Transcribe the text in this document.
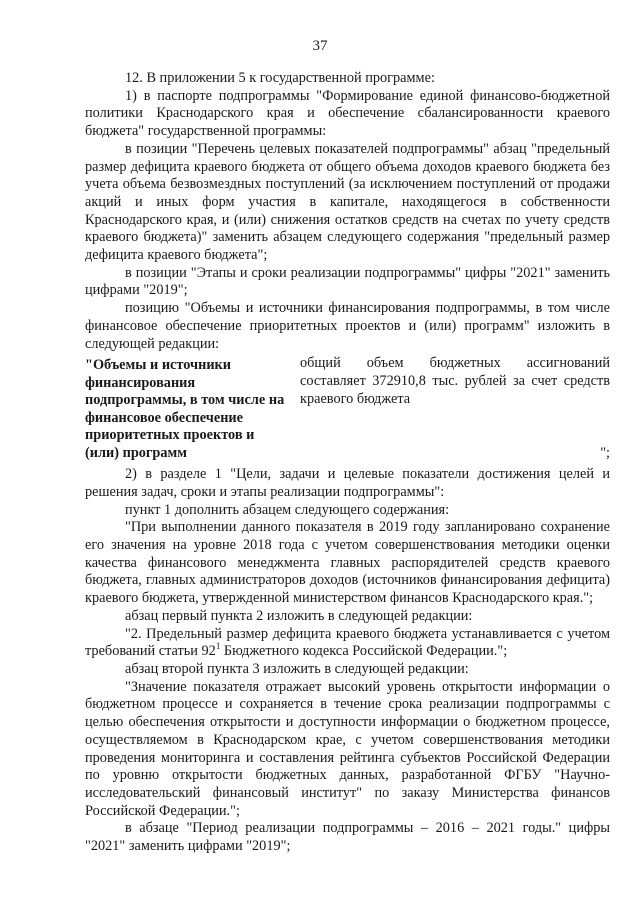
37

12. В приложении 5 к государственной программе:

1) в паспорте подпрограммы "Формирование единой финансово-бюджетной политики Краснодарского края и обеспечение сбалансированности краевого бюджета" государственной программы:

в позиции "Перечень целевых показателей подпрограммы" абзац "предельный размер дефицита краевого бюджета от общего объема доходов краевого бюджета без учета объема безвозмездных поступлений (за исключением поступлений от продажи акций и иных форм участия в капитале, находящегося в собственности Краснодарского края, и (или) снижения остатков средств на счетах по учету средств краевого бюджета)" заменить абзацем следующего содержания "предельный размер дефицита краевого бюджета";

в позиции "Этапы и сроки реализации подпрограммы" цифры "2021" заменить цифрами "2019";

позицию "Объемы и источники финансирования подпрограммы, в том числе финансовое обеспечение приоритетных проектов и (или) программ" изложить в следующей редакции:

"Объемы и источники финансирования подпрограммы, в том числе на финансовое обеспечение приоритетных проектов и (или) программ
общий объем бюджетных ассигнований составляет 372910,8 тыс. рублей за счет средств краевого бюджета
";

2) в разделе 1 "Цели, задачи и целевые показатели достижения целей и решения задач, сроки и этапы реализации подпрограммы":

пункт 1 дополнить абзацем следующего содержания:

"При выполнении данного показателя в 2019 году запланировано сохранение его значения на уровне 2018 года с учетом совершенствования методики оценки качества финансового менеджмента главных распорядителей средств краевого бюджета, главных администраторов доходов (источников финансирования дефицита) краевого бюджета, утвержденной министерством финансов Краснодарского края.";

абзац первый пункта 2 изложить в следующей редакции:

"2. Предельный размер дефицита краевого бюджета устанавливается с учетом требований статьи $92^1$ Бюджетного кодекса Российской Федерации.";

абзац второй пункта 3 изложить в следующей редакции:

"Значение показателя отражает высокий уровень открытости информации о бюджетном процессе и сохраняется в течение срока реализации подпрограммы с целью обеспечения открытости и доступности информации о бюджетном процессе, осуществляемом в Краснодарском крае, с учетом совершенствования методики проведения мониторинга и составления рейтинга субъектов Российской Федерации по уровню открытости бюджетных данных, разработанной ФГБУ "Научно-исследовательский финансовый институт" по заказу Министерства финансов Российской Федерации.";

в абзаце "Период реализации подпрограммы – 2016 – 2021 годы." цифры "2021" заменить цифрами "2019";
